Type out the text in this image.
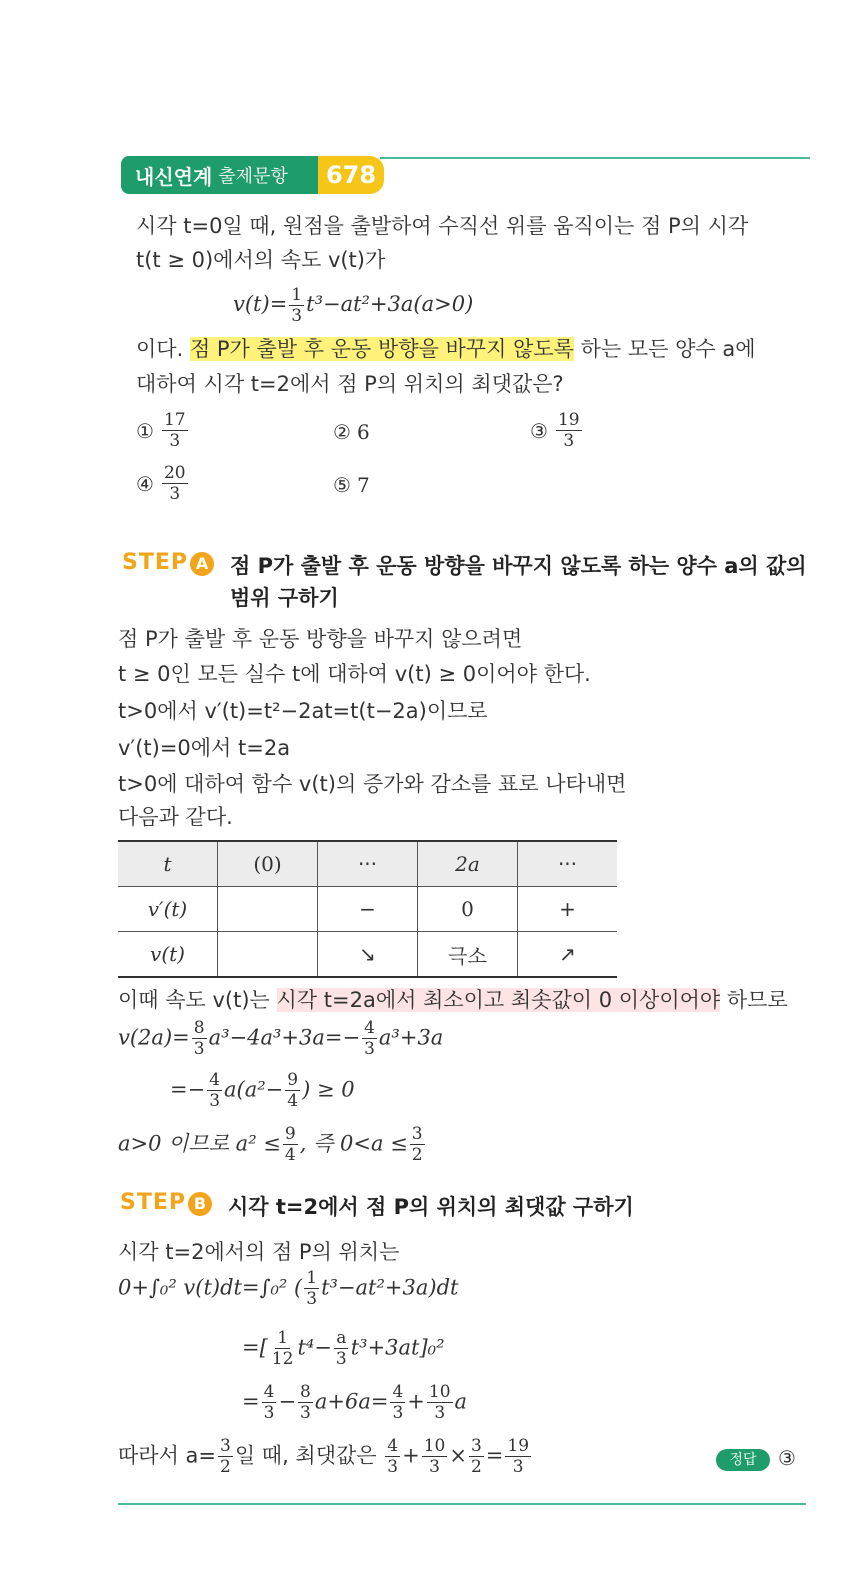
내신연계 출제문항	678
시각 t=0일 때, 원점을 출발하여 수직선 위를 움직이는 점 P의 시각
t(t ≥ 0)에서의 속도 v(t)가
$v(t)= \frac{1}{3} t^3-at^2+3a(a>0)$
이다. 점 P가 출발 후 운동 방향을 바꾸지 않도록 하는 모든 양수 a에
대하여 시각 t=2에서 점 P의 위치의 최댓값은?
① $\frac{17}{3}$	② 6	③ $\frac{19}{3}$
④ $\frac{20}{3}$	⑤ 7
STEP A 점 P가 출발 후 운동 방향을 바꾸지 않도록 하는 양수 a의 값의
범위 구하기
점 P가 출발 후 운동 방향을 바꾸지 않으려면
t ≥ 0인 모든 실수 t에 대하여 v(t) ≥ 0이어야 한다.
t>0에서 v′(t)=t²−2at=t(t−2a)이므로
v′(t)=0에서 t=2a
t>0에 대하여 함수 v(t)의 증가와 감소를 표로 나타내면
다음과 같다.
t	(0)	···	2a	···
v′(t)		−	0	+
v(t)		↘	극소	↗
이때 속도 v(t)는 시각 t=2a에서 최소이고 최솟값이 0 이상이어야 하므로
$v(2a)= \frac{8}{3} a^3-4a^3+3a=- \frac{4}{3} a^3+3a$
=− $\frac{4}{3} a(a^2- \frac{9}{4}$ ) ≥ 0
a>0 이므로 $a^2 \le \frac{9}{4}$ , 즉 $0<a \le \frac{3}{2}$
STEP B 시각 t=2에서 점 P의 위치의 최댓값 구하기
시각 t=2에서의 점 P의 위치는
0+∫₀² v(t)dt=∫₀² ( $\frac{1}{3} t^3-at^2+3a)dt$
=[ $\frac{1}{12} t^4- \frac{a}{3} t^3+3at]_0^2$
= $\frac{4}{3} - \frac{8}{3} a+6a= \frac{4}{3} + \frac{10}{3}$ a
따라서 $a= \frac{3}{2}$ 일 때, 최댓값은 $\frac{4}{3} + \frac{10}{3} \times \frac{3}{2} = \frac{19}{3}$	정답	③
